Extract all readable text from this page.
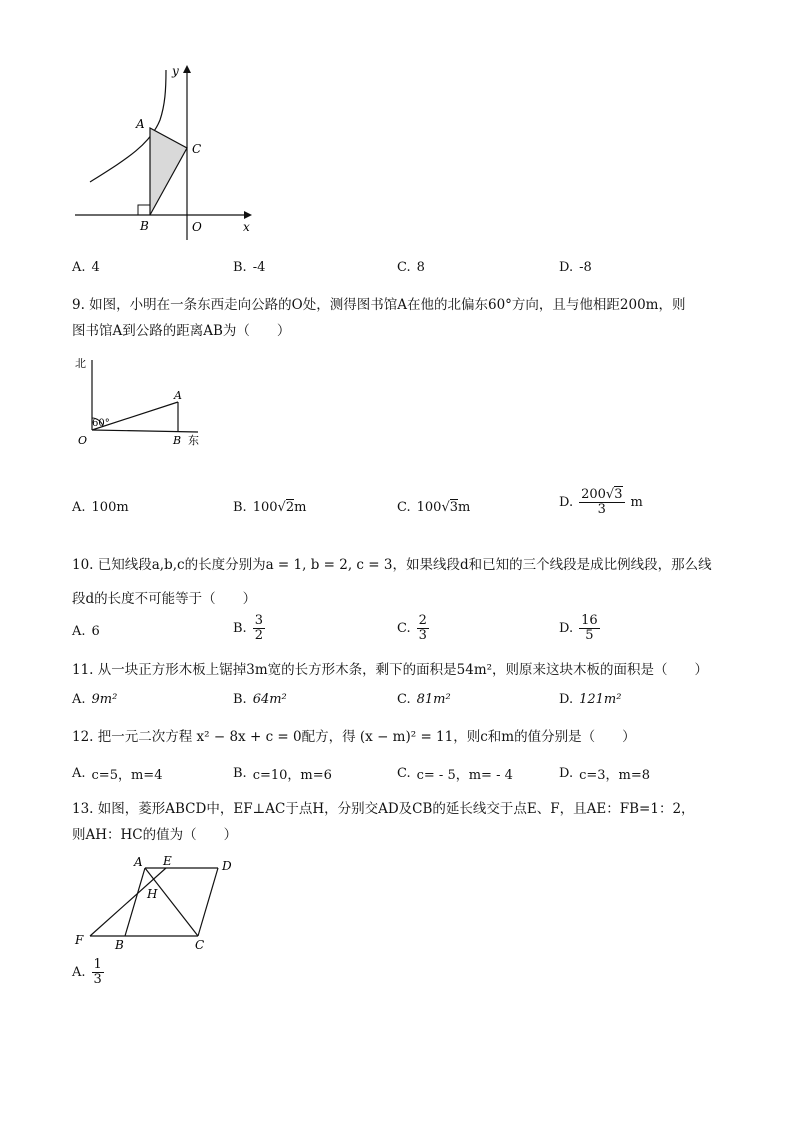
y
A
C
B	O	x
A. 4	B. -4	C. 8	D. -8
9. 如图，小明在一条东西走向公路的O处，测得图书馆A在他的北偏东60°方向，且与他相距200m，则
图书馆A到公路的距离AB为（　　）
北
60°
A
O	B 东
A. 100m	B. 100√2m	C. 100√3m	D. $\frac{200√3}{3}$ m
10. 已知线段a,b,c的长度分别为a = 1, b = 2, c = 3，如果线段d和已知的三个线段是成比例线段，那么线
段d的长度不可能等于（　　）
A. 6	B. $\frac{3}{2}$	C. $\frac{2}{3}$	D. $\frac{16}{5}$
11. 从一块正方形木板上锯掉3m宽的长方形木条，剩下的面积是54m²，则原来这块木板的面积是（　　）
A. 9m²	B. 64m²	C. 81m²	D. 121m²
12. 把一元二次方程 x² − 8x + c = 0配方，得 (x − m)² = 11，则c和m的值分别是（　　）
A. c=5，m=4	B. c=10，m=6	C. c= - 5，m= - 4	D. c=3，m=8
13. 如图，菱形ABCD中，EF⊥AC于点H，分别交AD及CB的延长线交于点E、F，且AE：FB=1：2，
则AH：HC的值为（　　）
A E	D
H
F	B	C
A. $\frac{1}{3}$
